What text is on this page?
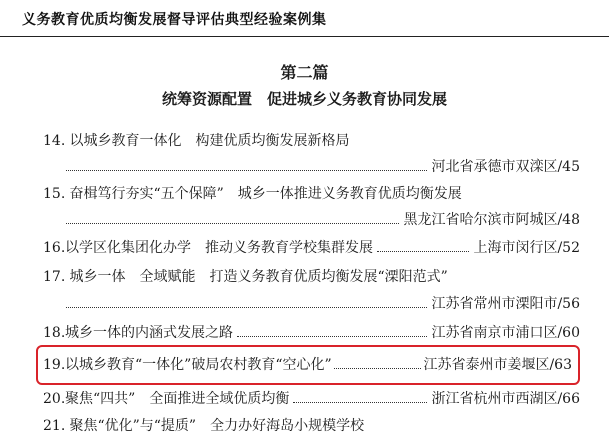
义务教育优质均衡发展督导评估典型经验案例集
第二篇
统筹资源配置　促进城乡义务教育协同发展
14. 以城乡教育一体化　构建优质均衡发展新格局
河北省承德市双滦区/45
15. 奋楫笃行夯实“五个保障”　城乡一体推进义务教育优质均衡发展
黑龙江省哈尔滨市阿城区/48
16. 以学区化集团化办学　推动义务教育学校集群发展	上海市闵行区/52
17. 城乡一体　全域赋能　打造义务教育优质均衡发展“溧阳范式”
江苏省常州市溧阳市/56
18. 城乡一体的内涵式发展之路	江苏省南京市浦口区/60
19. 以城乡教育“一体化”破局农村教育“空心化”	江苏省泰州市姜堰区/63
20. 聚焦“四共”　全面推进全域优质均衡	浙江省杭州市西湖区/66
21. 聚焦“优化”与“提质”　全力办好海岛小规模学校
